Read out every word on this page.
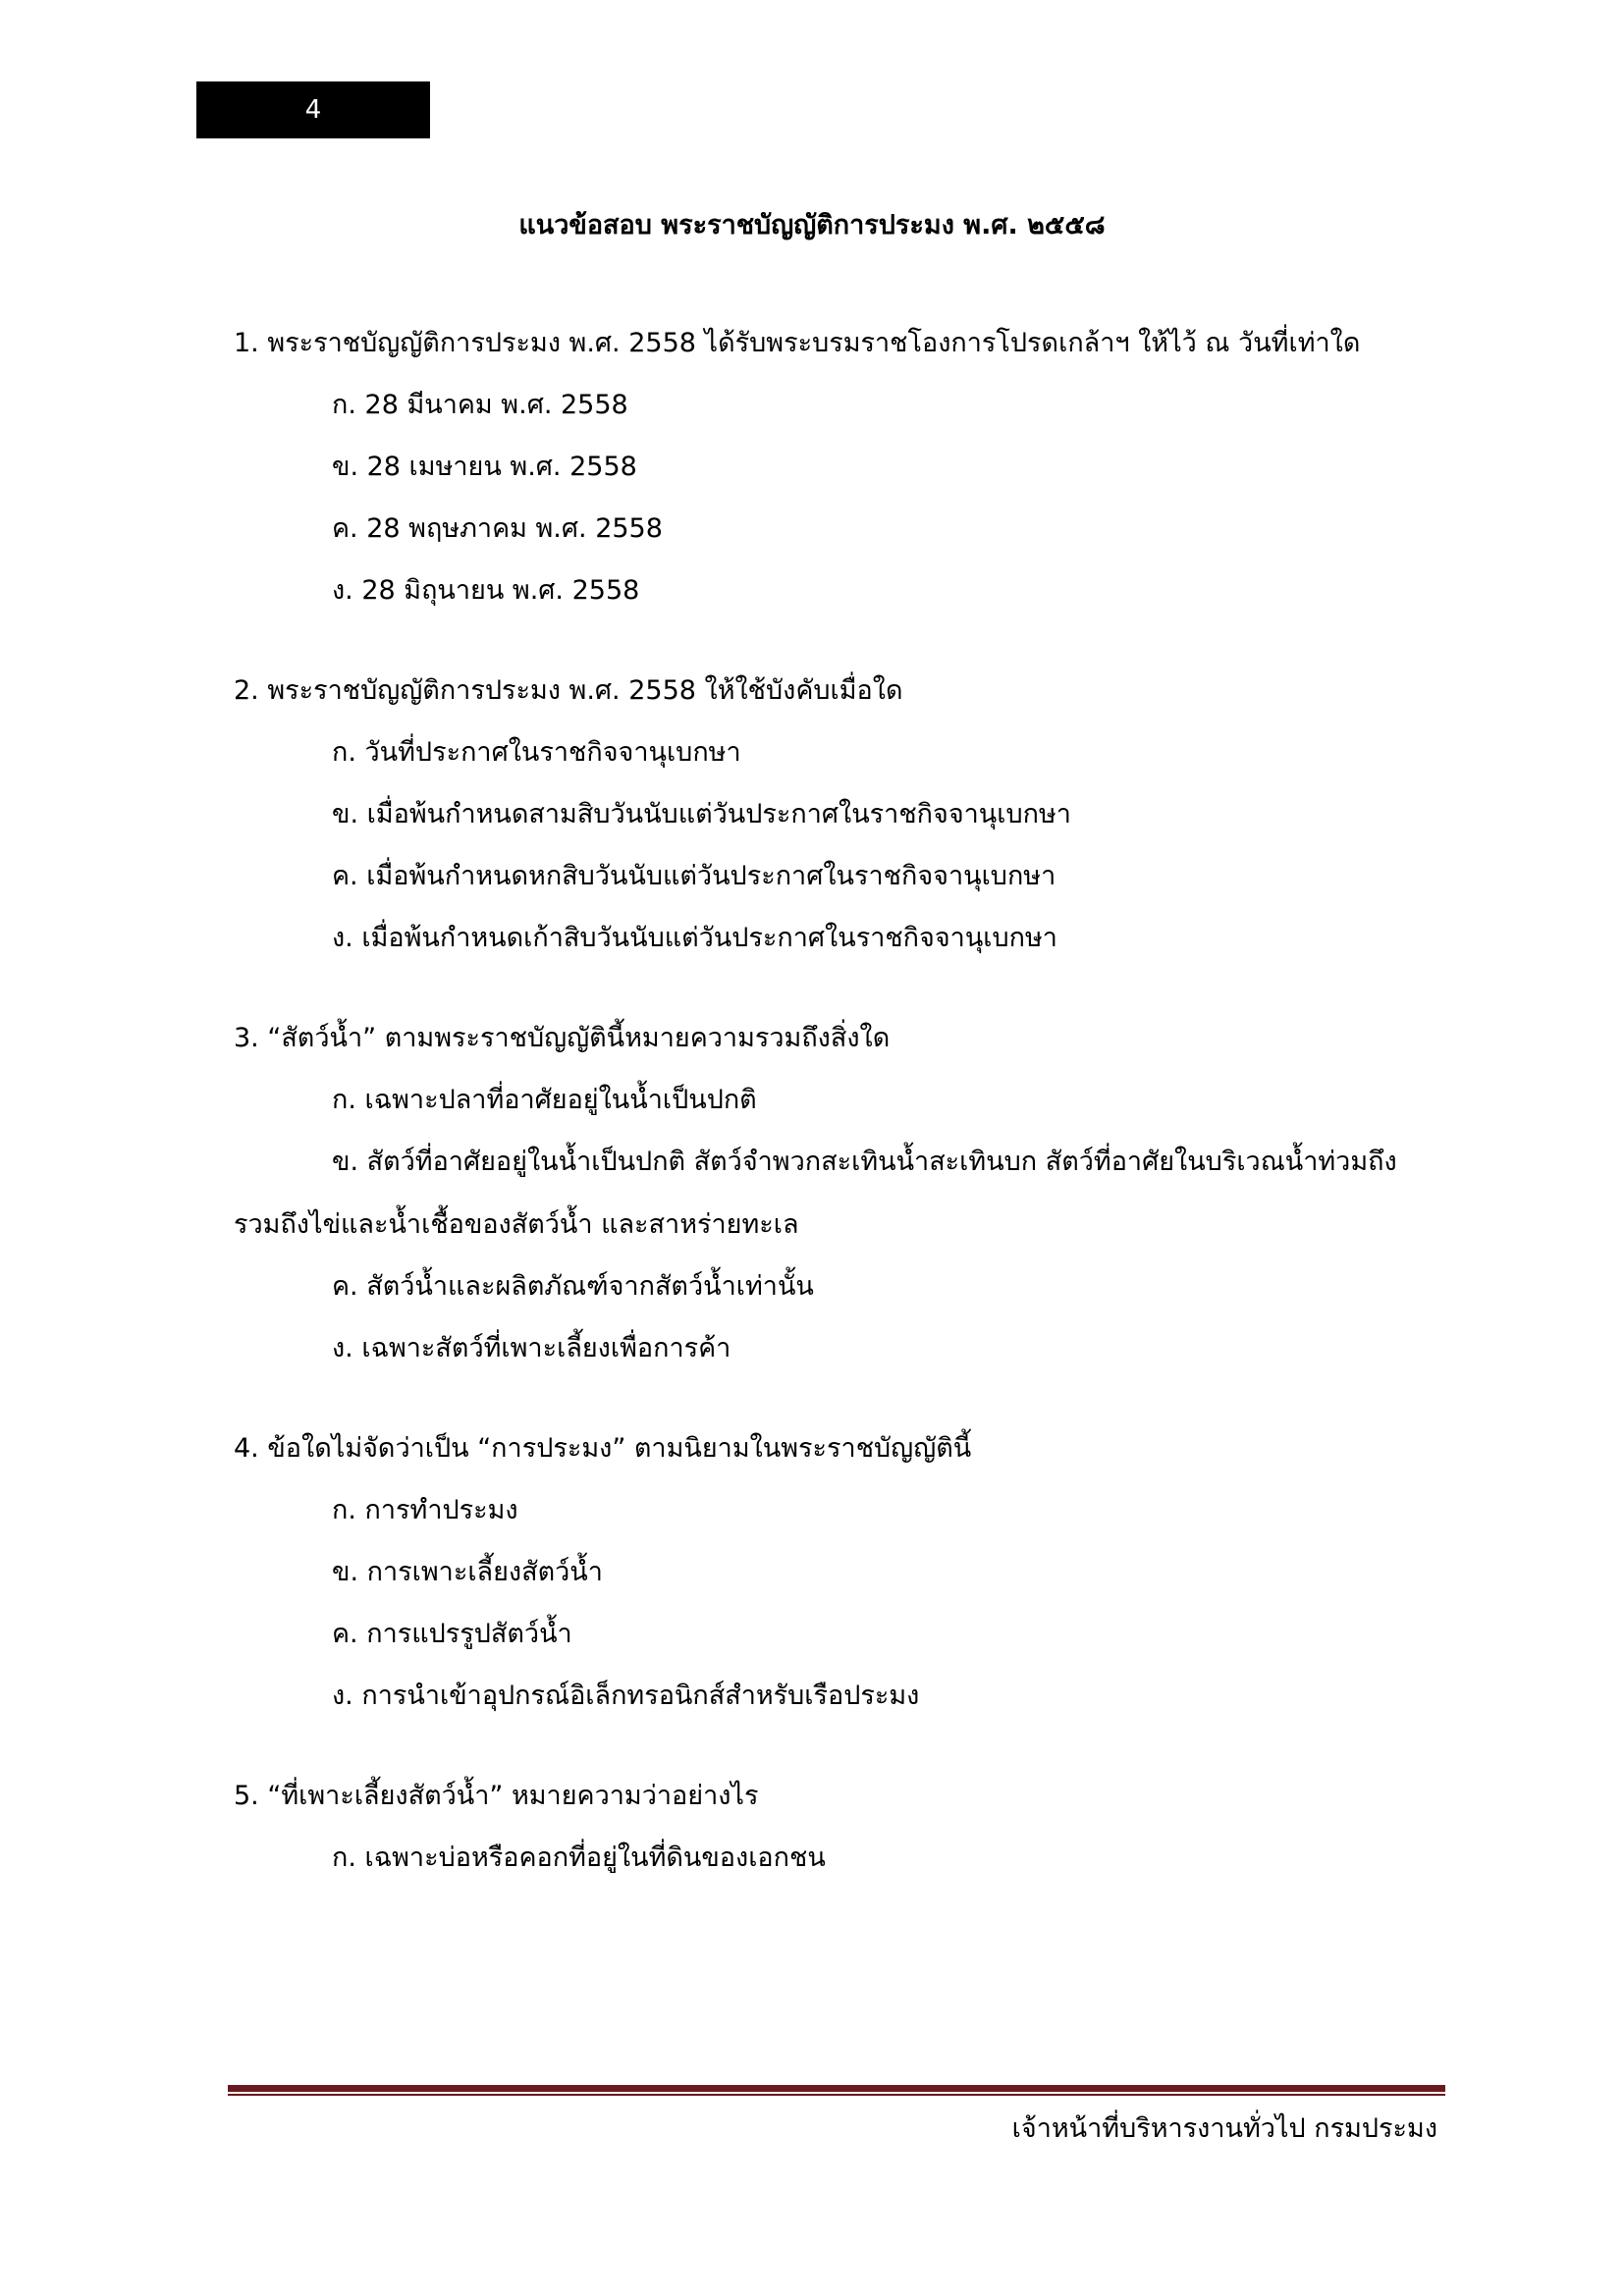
4
แนวข้อสอบ พระราชบัญญัติการประมง พ.ศ. ๒๕๕๘
1. พระราชบัญญัติการประมง พ.ศ. 2558 ได้รับพระบรมราชโองการโปรดเกล้าฯ ให้ไว้ ณ วันที่เท่าใด
ก. 28 มีนาคม พ.ศ. 2558
ข. 28 เมษายน พ.ศ. 2558
ค. 28 พฤษภาคม พ.ศ. 2558
ง. 28 มิถุนายน พ.ศ. 2558
2. พระราชบัญญัติการประมง พ.ศ. 2558 ให้ใช้บังคับเมื่อใด
ก. วันที่ประกาศในราชกิจจานุเบกษา
ข. เมื่อพ้นกำหนดสามสิบวันนับแต่วันประกาศในราชกิจจานุเบกษา
ค. เมื่อพ้นกำหนดหกสิบวันนับแต่วันประกาศในราชกิจจานุเบกษา
ง. เมื่อพ้นกำหนดเก้าสิบวันนับแต่วันประกาศในราชกิจจานุเบกษา
3. “สัตว์น้ำ” ตามพระราชบัญญัตินี้หมายความรวมถึงสิ่งใด
ก. เฉพาะปลาที่อาศัยอยู่ในน้ำเป็นปกติ
ข. สัตว์ที่อาศัยอยู่ในน้ำเป็นปกติ สัตว์จำพวกสะเทินน้ำสะเทินบก สัตว์ที่อาศัยในบริเวณน้ำท่วมถึง รวมถึงไข่และน้ำเชื้อของสัตว์น้ำ และสาหร่ายทะเล
ค. สัตว์น้ำและผลิตภัณฑ์จากสัตว์น้ำเท่านั้น
ง. เฉพาะสัตว์ที่เพาะเลี้ยงเพื่อการค้า
4. ข้อใดไม่จัดว่าเป็น “การประมง” ตามนิยามในพระราชบัญญัตินี้
ก. การทำประมง
ข. การเพาะเลี้ยงสัตว์น้ำ
ค. การแปรรูปสัตว์น้ำ
ง. การนำเข้าอุปกรณ์อิเล็กทรอนิกส์สำหรับเรือประมง
5. “ที่เพาะเลี้ยงสัตว์น้ำ” หมายความว่าอย่างไร
ก. เฉพาะบ่อหรือคอกที่อยู่ในที่ดินของเอกชน
เจ้าหน้าที่บริหารงานทั่วไป กรมประมง
